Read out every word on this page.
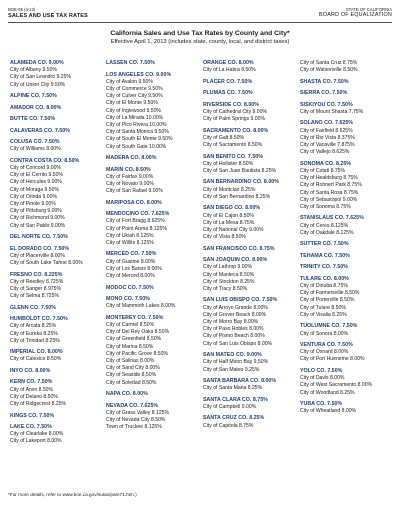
BOE-95 (4-13)
SALES AND USE TAX RATES
STATE OF CALIFORNIA
BOARD OF EQUALIZATION
California Sales and Use Tax Rates by County and City*
Effective April 1, 2013 (includes state, county, local, and district taxes)
ALAMEDA CO. 9.00%
City of Albany 9.50%
City of San Leandro 9.25%
City of Union City 9.50%
ALPINE CO. 7.50%
AMADOR CO. 8.00%
BUTTE CO. 7.50%
CALAVERAS CO. 7.50%
COLUSA CO. 7.50%
City of Williams 8.00%
CONTRA COSTA CO. 8.50%
City of Concord 9.00%
City of El Cerrito 9.50%
City of Hercules 9.00%
City of Moraga 9.50%
City of Orinda 9.00%
City of Pinole 9.00%
City of Pittsburg 9.00%
City of Richmond 9.00%
City of San Pablo 9.00%
DEL NORTE CO. 7.50%
EL DORADO CO. 7.50%
City of Placerville 8.00%
City of South Lake Tahoe 8.00%
FRESNO CO. 8.225%
City of Reedley 8.725%
City of Sanger 8.975%
City of Selma 8.725%
GLENN CO. 7.50%
HUMBOLDT CO. 7.50%
City of Arcata 8.25%
City of Eureka 8.25%
City of Trinidad 8.25%
IMPERIAL CO. 8.00%
City of Calexico 8.50%
INYO CO. 8.00%
KERN CO. 7.50%
City of Arvin 8.50%
City of Delano 8.50%
City of Ridgecrest 8.25%
KINGS CO. 7.50%
LAKE CO. 7.50%
City of Clearlake 8.00%
City of Lakeport 8.00%
LASSEN CO. 7.50%
LOS ANGELES CO. 9.00%
City of Avalon 9.50%
City of Commerce 9.50%
City of Culver City 9.50%
City of El Monte 9.50%
City of Inglewood 9.50%
City of La Mirada 10.00%
City of Pico Rivera 10.00%
City of Santa Monica 9.50%
City of South El Monte 9.50%
City of South Gate 10.00%
MADERA CO. 8.00%
MARIN CO. 8.50%
City of Fairfax 9.00%
City of Novato 9.00%
City of San Rafael 9.00%
MARIPOSA CO. 8.00%
MENDOCINO CO. 7.625%
City of Fort Bragg 8.625%
City of Point Arena 8.125%
City of Ukiah 8.125%
City of Willits 8.125%
MERCED CO. 7.50%
City of Gustine 8.00%
City of Los Banos 8.00%
City of Merced 8.00%
MODOC CO. 7.50%
MONO CO. 7.50%
City of Mammoth Lakes 8.00%
MONTEREY CO. 7.50%
City of Carmel 8.50%
City of Del Rey Oaks 8.50%
City of Greenfield 8.50%
City of Marina 8.50%
City of Pacific Grove 8.50%
City of Salinas 8.00%
City of Sand City 8.00%
City of Seaside 8.50%
City of Soledad 8.50%
NAPA CO. 8.00%
NEVADA CO. 7.625%
City of Grass Valley 8.125%
City of Nevada City 8.50%
Town of Truckee 8.125%
ORANGE CO. 8.00%
City of La Habra 8.50%
PLACER CO. 7.50%
PLUMAS CO. 7.50%
RIVERSIDE CO. 8.00%
City of Cathedral City 9.00%
City of Palm Springs 9.00%
SACRAMENTO CO. 8.00%
City of Galt 8.50%
City of Sacramento 8.50%
SAN BENITO CO. 7.50%
City of Hollister 8.50%
City of San Juan Bautista 8.25%
SAN BERNARDINO CO. 8.00%
City of Montclair 8.25%
City of San Bernardino 8.25%
SAN DIEGO CO. 8.00%
City of El Cajon 8.50%
City of La Mesa 8.75%
City of National City 9.00%
City of Vista 8.50%
SAN FRANCISCO CO. 8.75%
SAN JOAQUIN CO. 8.00%
City of Lathrop 9.00%
City of Manteca 8.50%
City of Stockton 8.25%
City of Tracy 8.50%
SAN LUIS OBISPO CO. 7.50%
City of Arroyo Grande 8.00%
City of Grover Beach 8.00%
City of Morro Bay 8.00%
City of Paso Robles 8.00%
City of Pismo Beach 8.00%
City of San Luis Obispo 8.00%
SAN MATEO CO. 9.00%
City of Half Moon Bay 9.50%
City of San Mateo 9.25%
SANTA BARBARA CO. 8.00%
City of Santa Maria 8.25%
SANTA CLARA CO. 8.75%
City of Campbell 9.00%
SANTA CRUZ CO. 8.25%
City of Capitola 8.75%
City of Santa Cruz 8.75%
City of Watsonville 8.50%
SHASTA CO. 7.50%
SIERRA CO. 7.50%
SISKIYOU CO. 7.50%
City of Mount Shasta 7.75%
SOLANO CO. 7.625%
City of Fairfield 8.625%
City of Rio Vista 8.375%
City of Vacaville 7.875%
City of Vallejo 8.625%
SONOMA CO. 8.25%
City of Cotati 8.75%
City of Healdsburg 8.75%
City of Rohnert Park 8.75%
City of Santa Rosa 8.75%
City of Sebastopol 9.00%
City of Sonoma 8.75%
STANISLAUS CO. 7.625%
City of Ceres 8.125%
City of Oakdale 8.125%
SUTTER CO. 7.50%
TEHAMA CO. 7.50%
TRINITY CO. 7.50%
TULARE CO. 8.00%
City of Dinuba 8.75%
City of Farmersville 8.50%
City of Porterville 8.50%
City of Tulare 8.50%
City of Visalia 8.25%
TUOLUMNE CO. 7.50%
City of Sonora 8.00%
VENTURA CO. 7.50%
City of Oxnard 8.00%
City of Port Hueneme 8.00%
YOLO CO. 7.50%
City of Davis 8.00%
City of West Sacramento 8.00%
City of Woodland 8.25%
YUBA CO. 7.50%
City of Wheatland 8.00%
*For more details, refer to www.boe.ca.gov/sutax/pam71.htm.)
